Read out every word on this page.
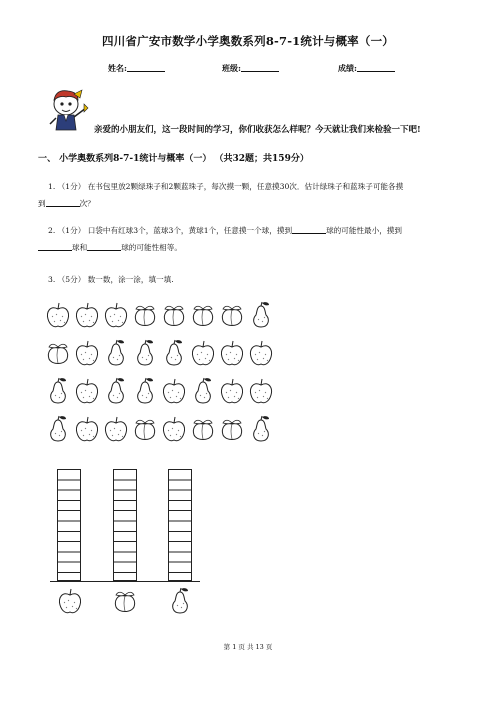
四川省广安市数学小学奥数系列8-7-1统计与概率（一）
姓名:	班级:	成绩:
亲爱的小朋友们，这一段时间的学习，你们收获怎么样呢？今天就让我们来检验一下吧!
一、 小学奥数系列8-7-1统计与概率（一） （共32题；共159分）
1. （1分） 在书包里放2颗绿珠子和2颗蓝珠子，每次摸一颗，任意摸30次．估计绿珠子和蓝珠子可能各摸
到	次？
2. （1分） 口袋中有红球3个，蓝球3个，黄球1个，任意摸一个球，摸到	球的可能性最小，摸到
球和	球的可能性相等。
3. （5分） 数一数，涂一涂，填一填.
第 1 页 共 13 页
